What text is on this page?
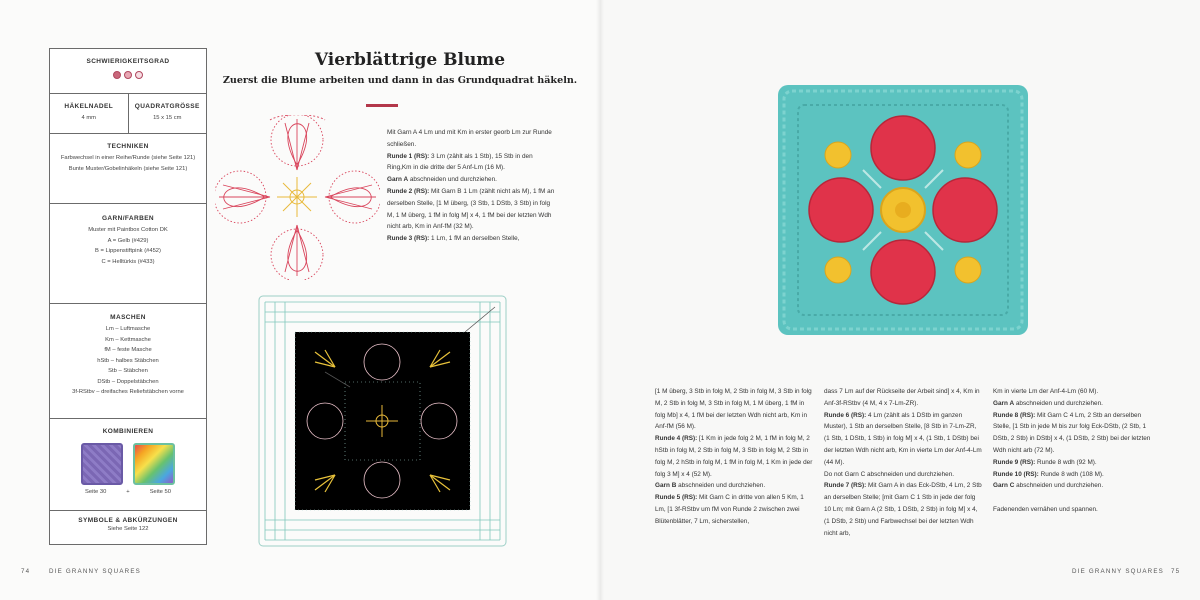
SCHWIERIGKEITSGRAD
HÄKELNADEL
4 mm
QUADRATGRÖSSE
15 x 15 cm
TECHNIKEN
Farbwechsel in einer Reihe/Runde (siehe Seite 121)
Bunte Muster/Gobelinhäkeln (siehe Seite 121)
GARN/FARBEN
Muster mit Paintbox Cotton DK
A = Gelb (#429)
B = Lippenstiftpink (#452)
C = Helltürkis (#433)
MASCHEN
Lm – Luftmasche
Km – Kettmasche
fM – feste Masche
hStb – halbes Stäbchen
Stb – Stäbchen
DStb – Doppelstäbchen
3f-RStbv – dreifaches Reliefstäbchen vorne
KOMBINIEREN
Seite 30	+	Seite 50
SYMBOLE & ABKÜRZUNGEN
Siehe Seite 122
Vierblättrige Blume
Zuerst die Blume arbeiten und dann in das Grundquadrat häkeln.

Mit Garn A 4 Lm und mit Km in erster georb Lm zur Runde schließen.

Runde 1 (RS): 3 Lm (zählt als 1 Stb), 15 Stb in den Ring,Km in die dritte der 5 Anf-Lm (16 M).

Garn A abschneiden und durchziehen.

Runde 2 (RS): Mit Garn B 1 Lm (zählt nicht als M), 1 fM an derselben Stelle, [1 M überg, (3 Stb, 1 DStb, 3 Stb) in folg M, 1 M überg, 1 fM in folg M] x 4, 1 fM bei der letzten Wdh nicht arb, Km in Anf-fM (32 M).

Runde 3 (RS): 1 Lm, 1 fM an derselben Stelle,

[1 M überg, 3 Stb in folg M, 2 Stb in folg M, 3 Stb in folg M, 2 Stb in folg M, 3 Stb in folg M, 1 M überg, 1 fM in folg Mb] x 4, 1 fM bei der letzten Wdh nicht arb, Km in Anf-fM (56 M).

Runde 4 (RS): [1 Km in jede folg 2 M, 1 fM in folg M, 2 hStb in folg M, 2 Stb in folg M, 3 Stb in folg M, 2 Stb in folg M, 2 hStb in folg M, 1 fM in folg M, 1 Km in jede der folg 3 M] x 4 (52 M).

Garn B abschneiden und durchziehen.

Runde 5 (RS): Mit Garn C in dritte von allen 5 Km, 1 Lm, [1 3f-RStbv um fM von Runde 2 zwischen zwei Blütenblätter, 7 Lm, sicherstellen,

dass 7 Lm auf der Rückseite der Arbeit sind] x 4, Km in Anf-3f-RStbv (4 M, 4 x 7-Lm-ZR).

Runde 6 (RS): 4 Lm (zählt als 1 DStb im ganzen Muster), 1 Stb an derselben Stelle, [8 Stb in 7-Lm-ZR, (1 Stb, 1 DStb, 1 Stb) in folg M] x 4, (1 Stb, 1 DStb) bei der letzten Wdh nicht arb, Km in vierte Lm der Anf-4-Lm (44 M).

Do not Garn C abschneiden und durchziehen.

Runde 7 (RS): Mit Garn A in das Eck-DStb, 4 Lm, 2 Stb an derselben Stelle; [mit Garn C 1 Stb in jede der folg 10 Lm; mit Garn A (2 Stb, 1 DStb, 2 Stb) in folg M] x 4, (1 DStb, 2 Stb) und Farbwechsel bei der letzten Wdh nicht arb,

Km in vierte Lm der Anf-4-Lm (60 M).

Garn A abschneiden und durchziehen.

Runde 8 (RS): Mit Garn C 4 Lm, 2 Stb an derselben Stelle, [1 Stb in jede M bis zur folg Eck-DStb, (2 Stb, 1 DStb, 2 Stb) in DStb] x 4, (1 DStb, 2 Stb) bei der letzten Wdh nicht arb (72 M).

Runde 9 (RS): Runde 8 wdh (92 M).

Runde 10 (RS): Runde 8 wdh (108 M).

Garn C abschneiden und durchziehen.

Fadenenden vernähen und spannen.

74	DIE GRANNY SQUARES	DIE GRANNY SQUARES 75
